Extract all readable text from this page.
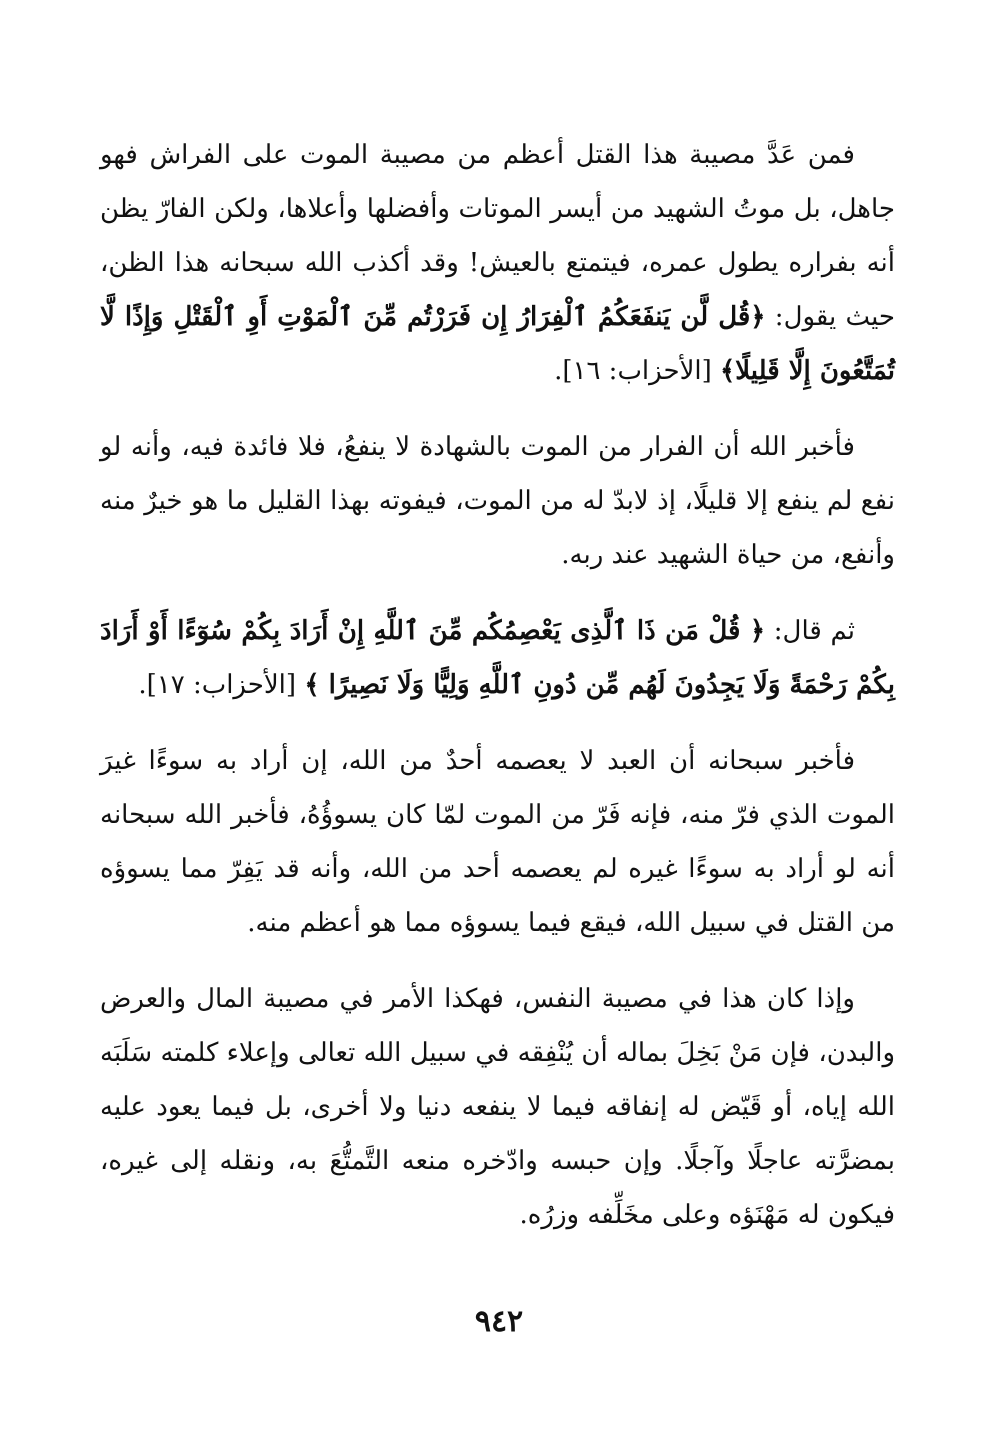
فمن عَدَّ مصيبة هذا القتل أعظم من مصيبة الموت على الفراش فهو جاهل، بل موتُ الشهيد من أيسر الموتات وأفضلها وأعلاها، ولكن الفارّ يظن أنه بفراره يطول عمره، فيتمتع بالعيش! وقد أكذب الله سبحانه هذا الظن، حيث يقول: ﴿قُل لَّن يَنفَعَكُمُ ٱلْفِرَارُ إِن فَرَرْتُم مِّنَ ٱلْمَوْتِ أَوِ ٱلْقَتْلِ وَإِذًا لَّا تُمَتَّعُونَ إِلَّا قَلِيلًا﴾ [الأحزاب: ١٦].

فأخبر الله أن الفرار من الموت بالشهادة لا ينفعُ، فلا فائدة فيه، وأنه لو نفع لم ينفع إلا قليلًا، إذ لابدّ له من الموت، فيفوته بهذا القليل ما هو خيرٌ منه وأنفع، من حياة الشهيد عند ربه.

ثم قال: ﴿ قُلْ مَن ذَا ٱلَّذِى يَعْصِمُكُم مِّنَ ٱللَّهِ إِنْ أَرَادَ بِكُمْ سُوٓءًا أَوْ أَرَادَ بِكُمْ رَحْمَةً وَلَا يَجِدُونَ لَهُم مِّن دُونِ ٱللَّهِ وَلِيًّا وَلَا نَصِيرًا ﴾ [الأحزاب: ١٧].

فأخبر سبحانه أن العبد لا يعصمه أحدٌ من الله، إن أراد به سوءًا غيرَ الموت الذي فرّ منه، فإنه فَرّ من الموت لمّا كان يسوؤُهُ، فأخبر الله سبحانه أنه لو أراد به سوءًا غيره لم يعصمه أحد من الله، وأنه قد يَفِرّ مما يسوؤه من القتل في سبيل الله، فيقع فيما يسوؤه مما هو أعظم منه.

وإذا كان هذا في مصيبة النفس، فهكذا الأمر في مصيبة المال والعرض والبدن، فإن مَنْ بَخِلَ بماله أن يُنْفِقه في سبيل الله تعالى وإعلاء كلمته سَلَبَه الله إياه، أو قَيّض له إنفاقه فيما لا ينفعه دنيا ولا أخرى، بل فيما يعود عليه بمضرَّته عاجلًا وآجلًا. وإن حبسه وادّخره منعه التَّمتُّعَ به، ونقله إلى غيره، فيكون له مَهْنَؤه وعلى مخَلِّفه وزرُه.

٩٤٢
